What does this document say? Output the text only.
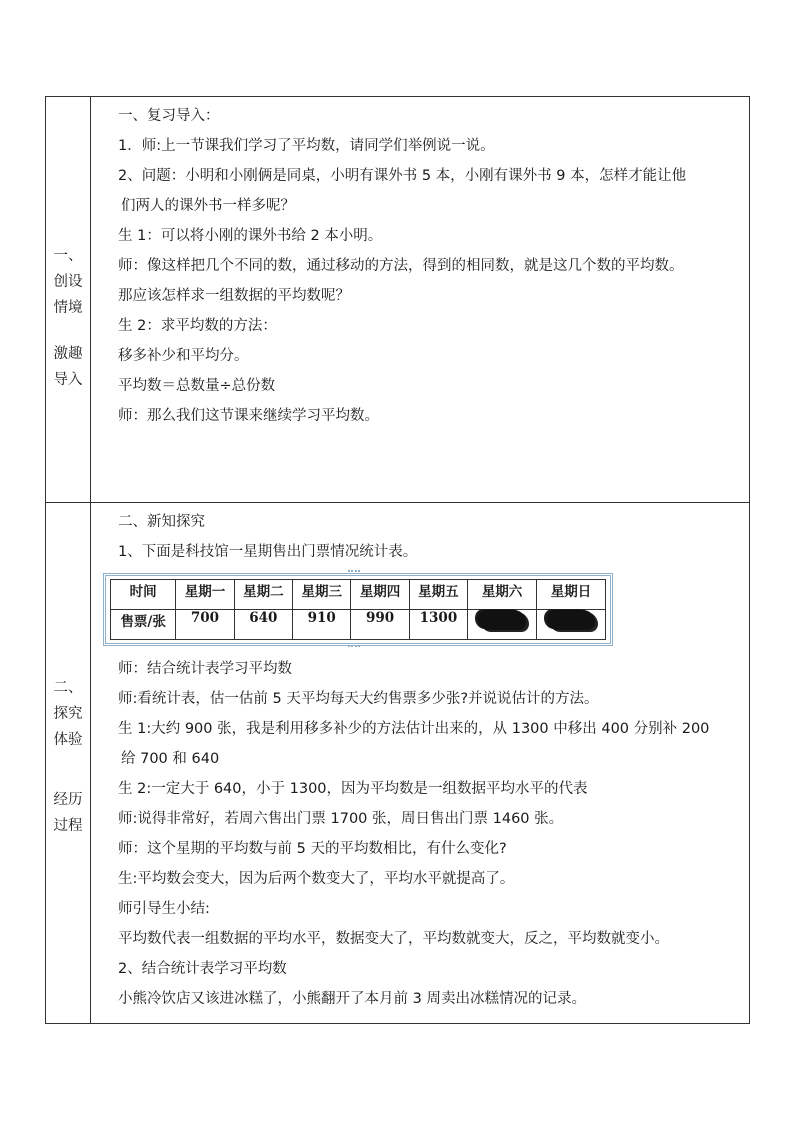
一、
创设
情境
激趣
导入

一、复习导入：
1．师:上一节课我们学习了平均数，请同学们举例说一说。
2、问题：小明和小刚俩是同桌，小明有课外书 5 本，小刚有课外书 9 本，怎样才能让他
们两人的课外书一样多呢？
生 1：可以将小刚的课外书给 2 本小明。
师：像这样把几个不同的数，通过移动的方法，得到的相同数，就是这几个数的平均数。
那应该怎样求一组数据的平均数呢？
生 2：求平均数的方法：
移多补少和平均分。
平均数＝总数量÷总份数
师：那么我们这节课来继续学习平均数。

二、
探究
体验
经历
过程

二、新知探究
1、下面是科技馆一星期售出门票情况统计表。
时间	星期一	星期二	星期三	星期四	星期五	星期六	星期日
售票/张	700	640	910	990	1300		
师：结合统计表学习平均数
师:看统计表，估一估前 5 天平均每天大约售票多少张?并说说估计的方法。
生 1:大约 900 张，我是利用移多补少的方法估计出来的，从 1300 中移出 400 分别补 200
给 700 和 640
生 2:一定大于 640，小于 1300，因为平均数是一组数据平均水平的代表
师:说得非常好，若周六售出门票 1700 张，周日售出门票 1460 张。
师：这个星期的平均数与前 5 天的平均数相比，有什么变化?
生:平均数会变大，因为后两个数变大了，平均水平就提高了。
师引导生小结:
平均数代表一组数据的平均水平，数据变大了，平均数就变大，反之，平均数就变小。
2、结合统计表学习平均数
小熊冷饮店又该进冰糕了，小熊翻开了本月前 3 周卖出冰糕情况的记录。
